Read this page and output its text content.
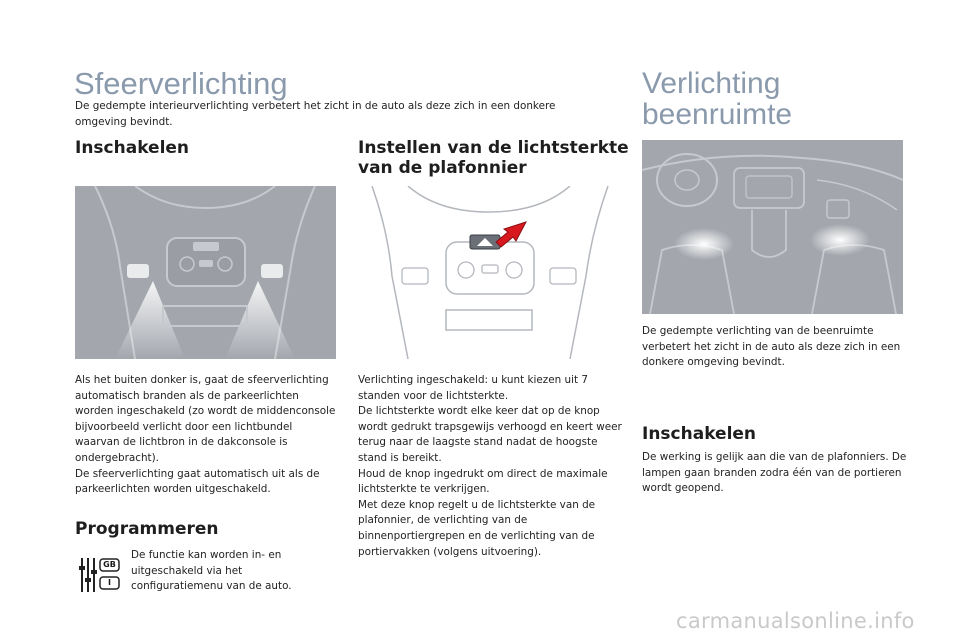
Sfeerverlichting

De gedempte interieurverlichting verbetert het zicht in de auto als deze zich in een donkere omgeving bevindt.

Inschakelen

Als het buiten donker is, gaat de sfeerverlichting automatisch branden als de parkeerlichten worden ingeschakeld (zo wordt de middenconsole bijvoorbeeld verlicht door een lichtbundel waarvan de lichtbron in de dakconsole is ondergebracht).

De sfeerverlichting gaat automatisch uit als de parkeerlichten worden uitgeschakeld.

Programmeren
GB
I

De functie kan worden in- en uitgeschakeld via het configuratiemenu van de auto.

Instellen van de lichtsterkte
van de plafonnier

Verlichting ingeschakeld: u kunt kiezen uit 7 standen voor de lichtsterkte.

De lichtsterkte wordt elke keer dat op de knop wordt gedrukt trapsgewijs verhoogd en keert weer terug naar de laagste stand nadat de hoogste stand is bereikt.

Houd de knop ingedrukt om direct de maximale lichtsterkte te verkrijgen.

Met deze knop regelt u de lichtsterkte van de plafonnier, de verlichting van de binnenportiergrepen en de verlichting van de portiervakken (volgens uitvoering).

Verlichting
beenruimte

De gedempte verlichting van de beenruimte verbetert het zicht in de auto als deze zich in een donkere omgeving bevindt.

Inschakelen

De werking is gelijk aan die van de plafonniers. De lampen gaan branden zodra één van de portieren wordt geopend.

carmanualsonline.info
